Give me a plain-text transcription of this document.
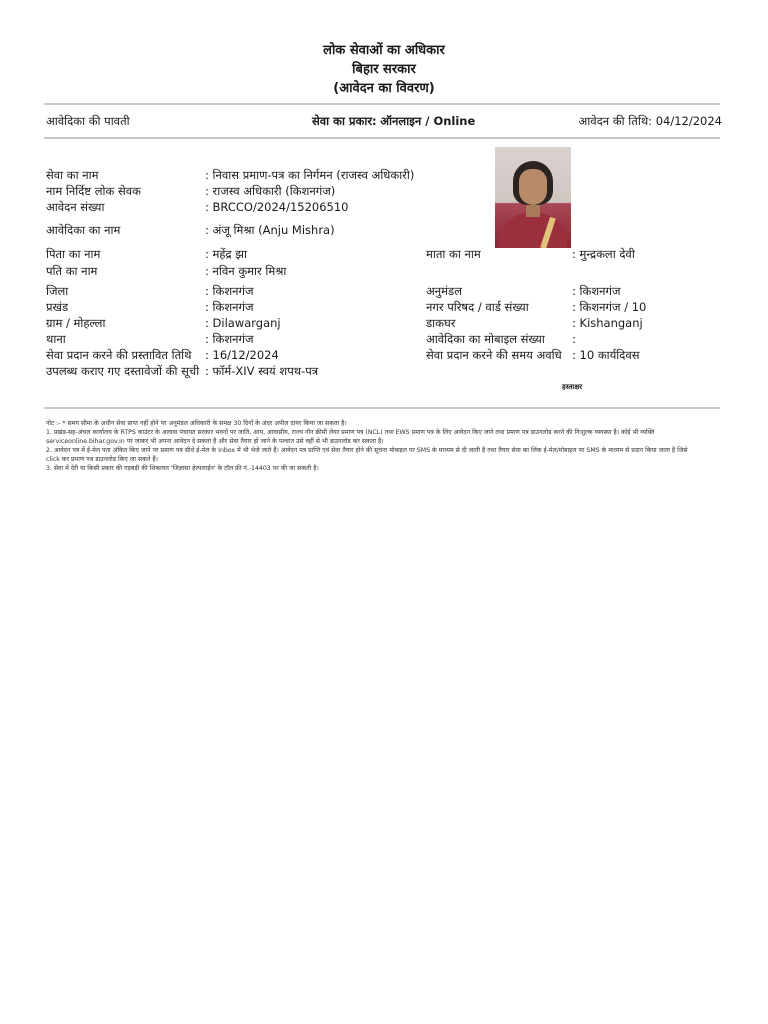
लोक सेवाओं का अधिकार
बिहार सरकार
(आवेदन का विवरण)
आवेदिका की पावती	सेवा का प्रकार: ऑनलाइन / Online	आवेदन की तिथि: 04/12/2024
सेवा का नाम	: निवास प्रमाण-पत्र का निर्गमन (राजस्व अधिकारी)
नाम निर्दिष्ट लोक सेवक	: राजस्व अधिकारी (किशनगंज)
आवेदन संख्या	: BRCCO/2024/15206510
आवेदिका का नाम	: अंजू मिश्रा (Anju Mishra)
पिता का नाम	: महेंद्र झा
पति का नाम	: नविन कुमार मिश्रा
जिला	: किशनगंज
प्रखंड	: किशनगंज
ग्राम / मोहल्ला	: Dilawarganj
थाना	: किशनगंज
सेवा प्रदान करने की प्रस्तावित तिथि : 16/12/2024
उपलब्ध कराए गए दस्तावेजों की सूची : फॉर्म-XIV स्वयं शपथ-पत्र
माता का नाम	: मुन्द्रकला देवी
अनुमंडल	: किशनगंज
नगर परिषद / वार्ड संख्या	: किशनगंज / 10
डाकघर	: Kishanganj
आवेदिका का मोबाइल संख्या :
सेवा प्रदान करने की समय अवधि : 10 कार्यदिवस
हस्ताक्षर
नोट :- * समय सीमा के अधीन सेवा प्राप्त नहीं होने पर अनुमंडल अधिकारी के समक्ष 30 दिनों के अंदर अपील दायर किया जा सकता है।
1. प्रखंड-सह-अंचल कार्यालय के RTPS काउंटर के अलावा पंचायत सरकार भवनों पर जाति, आय, आवासीय, राज्य नॉन क्रीमी लेयर प्रमाण पत्र (NCL) तथा EWS प्रमाण पत्र के लिए आवेदन किए जाने तथा प्रमाण पत्र डाउनलोड करने की निःशुल्क व्यवस्था है। कोई भी व्यक्ति
serviceonline.bihar.gov.in पर जाकर भी अपना आवेदन दे सकता है और सेवा तैयार हो जाने के पश्चात उसे वहीं से भी डाउनलोड कर सकता है।
2. आवेदन पत्र में ई-मेल पता अंकित किए जाने पर प्रमाण पत्र सीधे ई-मेल के Inbox में भी भेजे जाते हैं। आवेदन पत्र प्राप्ति एवं सेवा तैयार होने की सूचना मोबाइल पर SMS के माध्यम से दी जाती है तथा तैयार सेवा का लिंक ई-मेल/मोबाइल पर SMS के माध्यम से प्रदान किया जाता है जिसे
click कर प्रमाण पत्र डाउनलोड किए जा सकते हैं।
3. सेवा में देरी या किसी प्रकार की गड़बड़ी की शिकायत 'जिज्ञासा हेल्पलाईन' के टॉल फ्री नं.-14403 पर की जा सकती है।
